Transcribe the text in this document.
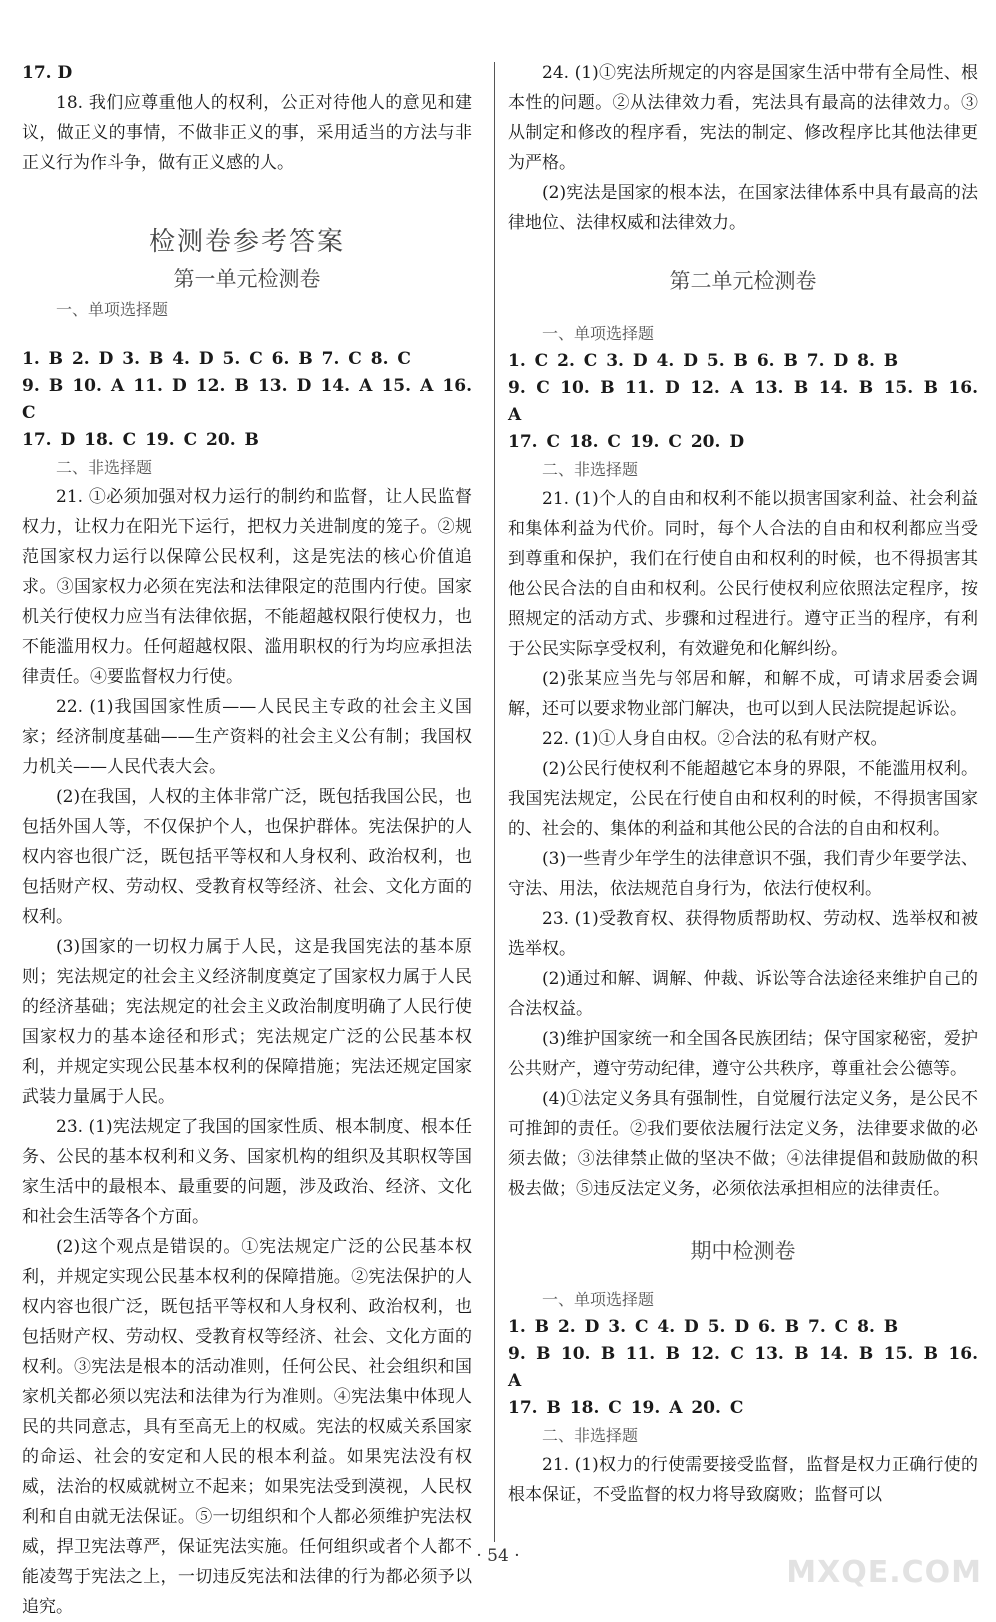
17. D

18. 我们应尊重他人的权利，公正对待他人的意见和建议，做正义的事情，不做非正义的事，采用适当的方法与非正义行为作斗争，做有正义感的人。

检测卷参考答案

第一单元检测卷

一、单项选择题

1. B 2. D 3. B 4. D 5. C 6. B 7. C 8. C

9. B 10. A 11. D 12. B 13. D 14. A 15. A 16. C

17. D 18. C 19. C 20. B

二、非选择题

21. ①必须加强对权力运行的制约和监督，让人民监督权力，让权力在阳光下运行，把权力关进制度的笼子。②规范国家权力运行以保障公民权利，这是宪法的核心价值追求。③国家权力必须在宪法和法律限定的范围内行使。国家机关行使权力应当有法律依据，不能超越权限行使权力，也不能滥用权力。任何超越权限、滥用职权的行为均应承担法律责任。④要监督权力行使。

22. (1)我国国家性质——人民民主专政的社会主义国家；经济制度基础——生产资料的社会主义公有制；我国权力机关——人民代表大会。

(2)在我国，人权的主体非常广泛，既包括我国公民，也包括外国人等，不仅保护个人，也保护群体。宪法保护的人权内容也很广泛，既包括平等权和人身权利、政治权利，也包括财产权、劳动权、受教育权等经济、社会、文化方面的权利。

(3)国家的一切权力属于人民，这是我国宪法的基本原则；宪法规定的社会主义经济制度奠定了国家权力属于人民的经济基础；宪法规定的社会主义政治制度明确了人民行使国家权力的基本途径和形式；宪法规定广泛的公民基本权利，并规定实现公民基本权利的保障措施；宪法还规定国家武装力量属于人民。

23. (1)宪法规定了我国的国家性质、根本制度、根本任务、公民的基本权利和义务、国家机构的组织及其职权等国家生活中的最根本、最重要的问题，涉及政治、经济、文化和社会生活等各个方面。

(2)这个观点是错误的。①宪法规定广泛的公民基本权利，并规定实现公民基本权利的保障措施。②宪法保护的人权内容也很广泛，既包括平等权和人身权利、政治权利，也包括财产权、劳动权、受教育权等经济、社会、文化方面的权利。③宪法是根本的活动准则，任何公民、社会组织和国家机关都必须以宪法和法律为行为准则。④宪法集中体现人民的共同意志，具有至高无上的权威。宪法的权威关系国家的命运、社会的安定和人民的根本利益。如果宪法没有权威，法治的权威就树立不起来；如果宪法受到漠视，人民权利和自由就无法保证。⑤一切组织和个人都必须维护宪法权威，捍卫宪法尊严，保证宪法实施。任何组织或者个人都不能凌驾于宪法之上，一切违反宪法和法律的行为都必须予以追究。

24. (1)①宪法所规定的内容是国家生活中带有全局性、根本性的问题。②从法律效力看，宪法具有最高的法律效力。③从制定和修改的程序看，宪法的制定、修改程序比其他法律更为严格。

(2)宪法是国家的根本法，在国家法律体系中具有最高的法律地位、法律权威和法律效力。

第二单元检测卷

一、单项选择题

1. C 2. C 3. D 4. D 5. B 6. B 7. D 8. B

9. C 10. B 11. D 12. A 13. B 14. B 15. B 16. A

17. C 18. C 19. C 20. D

二、非选择题

21. (1)个人的自由和权利不能以损害国家利益、社会利益和集体利益为代价。同时，每个人合法的自由和权利都应当受到尊重和保护，我们在行使自由和权利的时候，也不得损害其他公民合法的自由和权利。公民行使权利应依照法定程序，按照规定的活动方式、步骤和过程进行。遵守正当的程序，有利于公民实际享受权利，有效避免和化解纠纷。

(2)张某应当先与邻居和解，和解不成，可请求居委会调解，还可以要求物业部门解决，也可以到人民法院提起诉讼。

22. (1)①人身自由权。②合法的私有财产权。

(2)公民行使权利不能超越它本身的界限，不能滥用权利。我国宪法规定，公民在行使自由和权利的时候，不得损害国家的、社会的、集体的利益和其他公民的合法的自由和权利。

(3)一些青少年学生的法律意识不强，我们青少年要学法、守法、用法，依法规范自身行为，依法行使权利。

23. (1)受教育权、获得物质帮助权、劳动权、选举权和被选举权。

(2)通过和解、调解、仲裁、诉讼等合法途径来维护自己的合法权益。

(3)维护国家统一和全国各民族团结；保守国家秘密，爱护公共财产，遵守劳动纪律，遵守公共秩序，尊重社会公德等。

(4)①法定义务具有强制性，自觉履行法定义务，是公民不可推卸的责任。②我们要依法履行法定义务，法律要求做的必须去做；③法律禁止做的坚决不做；④法律提倡和鼓励做的积极去做；⑤违反法定义务，必须依法承担相应的法律责任。

期中检测卷

一、单项选择题

1. B 2. D 3. C 4. D 5. D 6. B 7. C 8. B

9. B 10. B 11. B 12. C 13. B 14. B 15. B 16. A

17. B 18. C 19. A 20. C

二、非选择题

21. (1)权力的行使需要接受监督，监督是权力正确行使的根本保证，不受监督的权力将导致腐败；监督可以

· 54 ·	MXQE.COM
